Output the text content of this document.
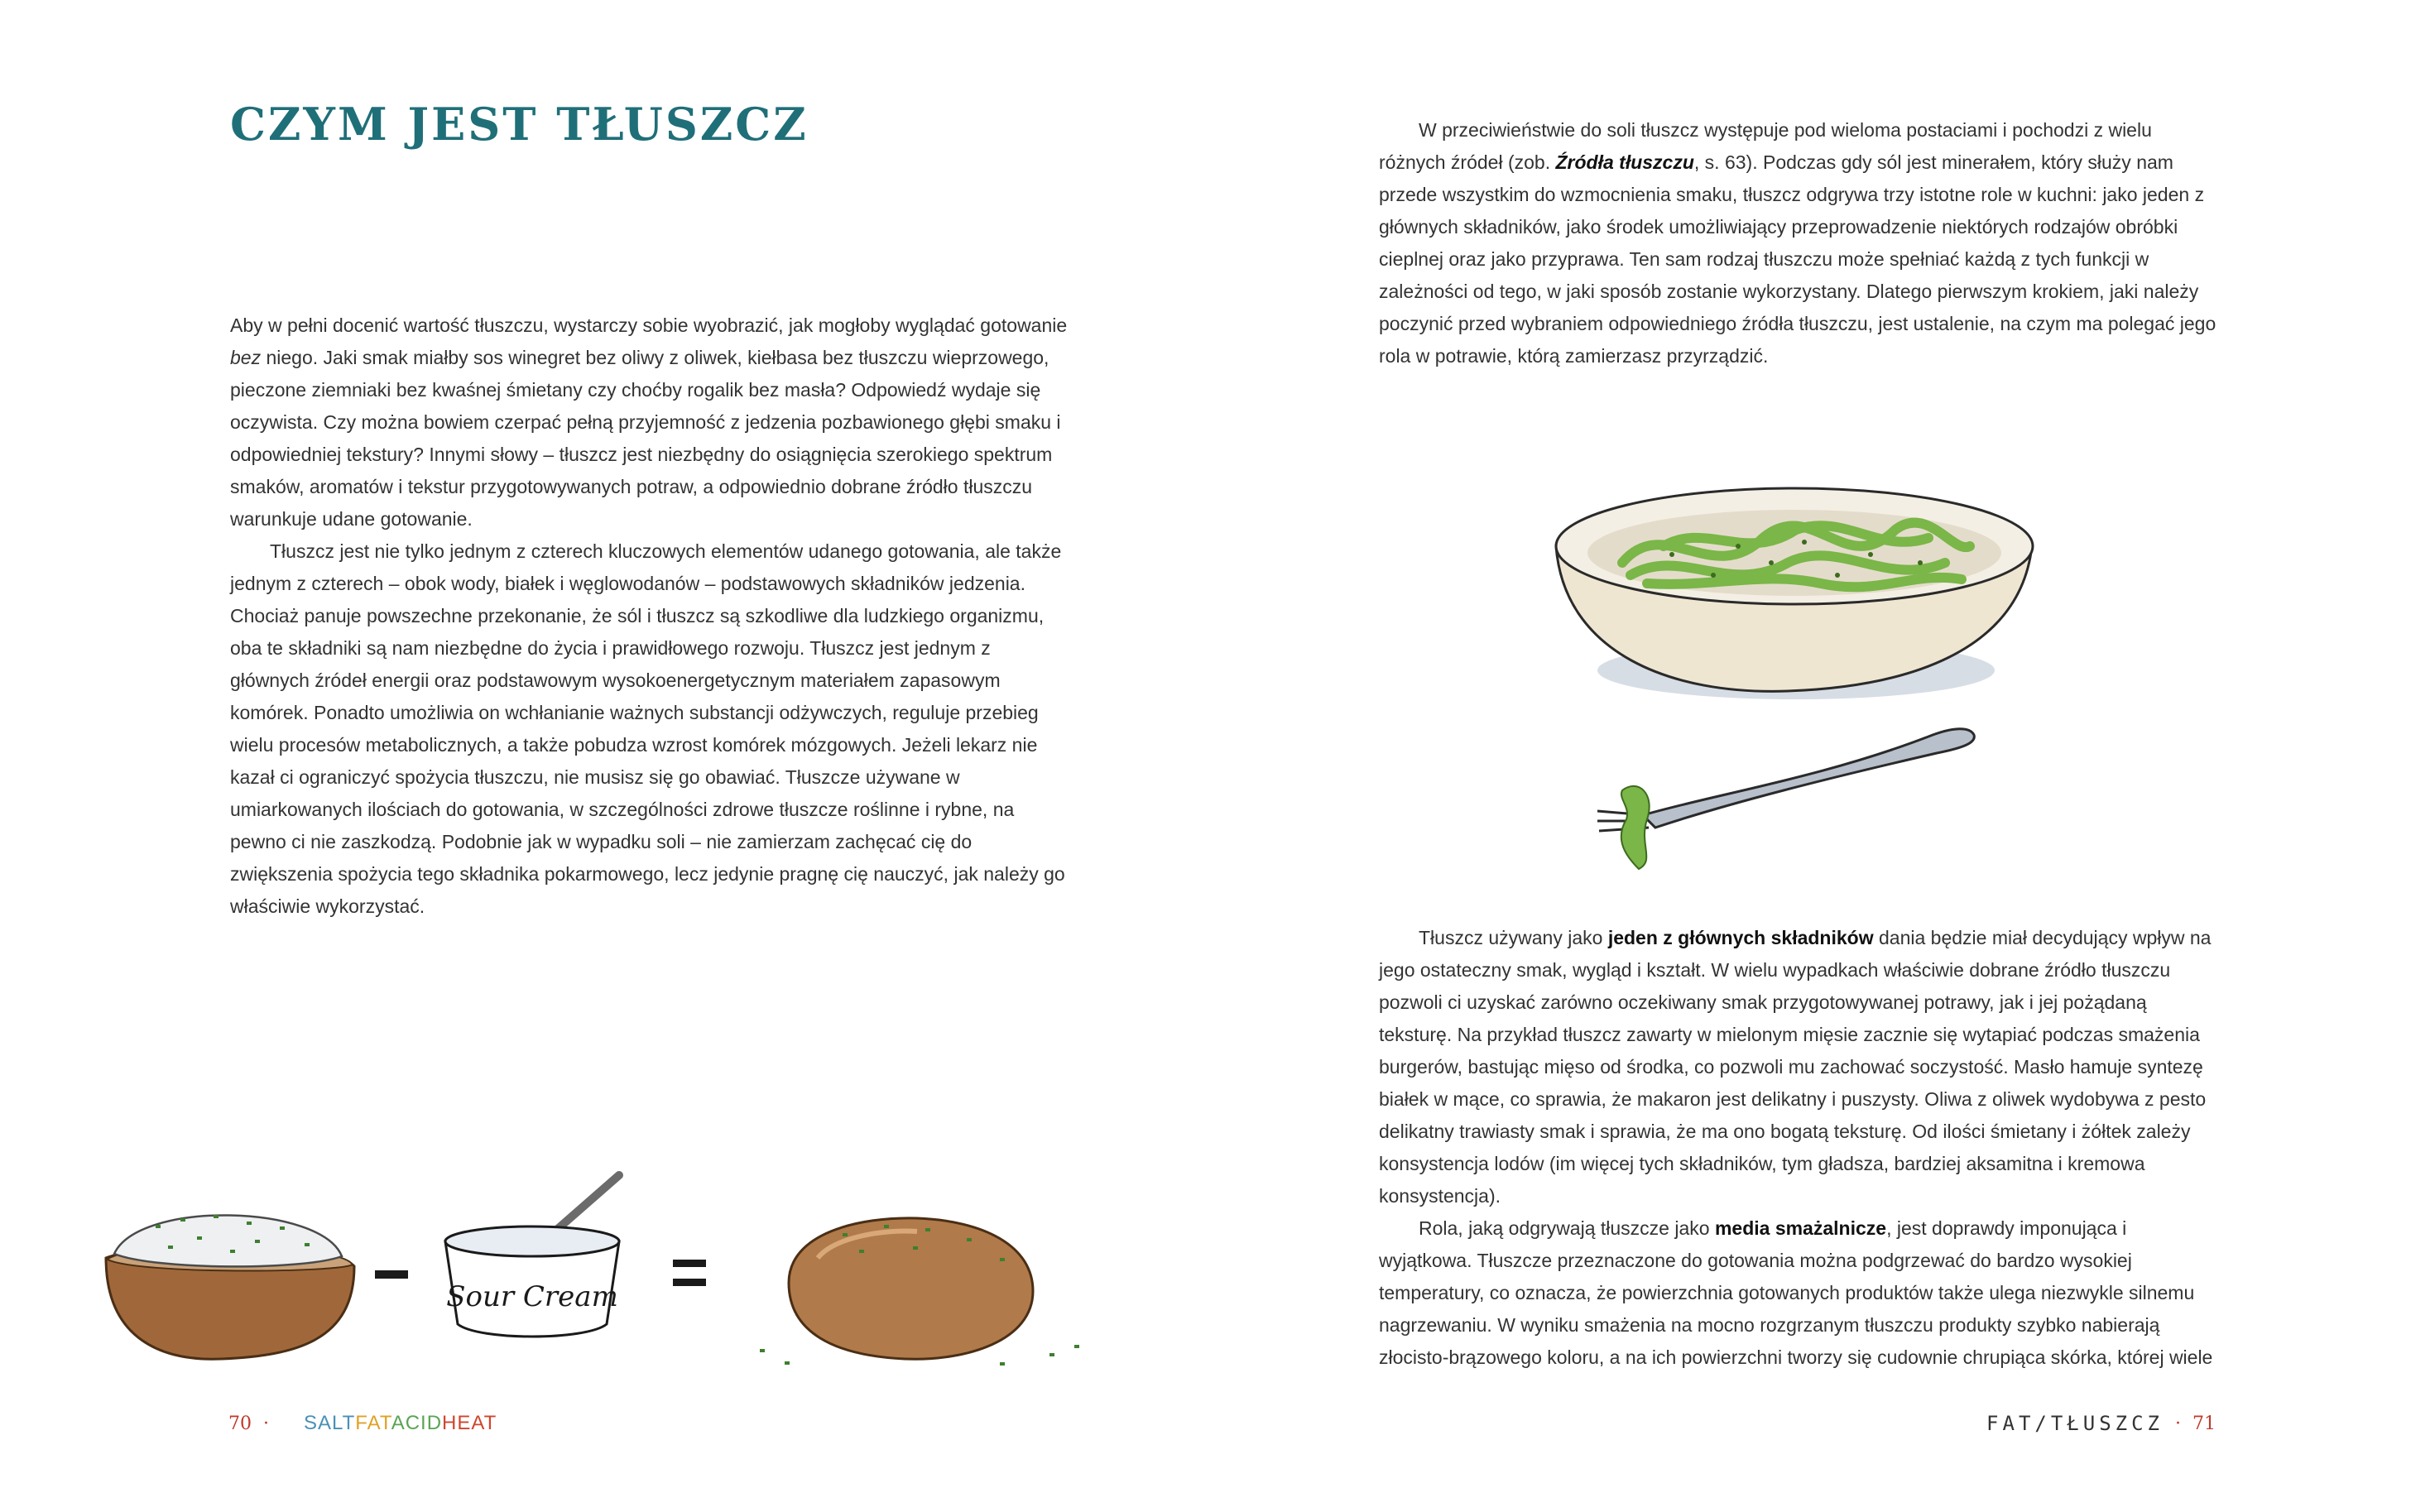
CZYM JEST TŁUSZCZ

Aby w pełni docenić wartość tłuszczu, wystarczy sobie wyobrazić, jak mogłoby wyglądać gotowanie bez niego. Jaki smak miałby sos winegret bez oliwy z oliwek, kiełbasa bez tłuszczu wieprzowego, pieczone ziemniaki bez kwaśnej śmietany czy choćby rogalik bez masła? Odpowiedź wydaje się oczywista. Czy można bowiem czerpać pełną przyjemność z jedzenia pozbawionego głębi smaku i odpowiedniej tekstury? Innymi słowy – tłuszcz jest niezbędny do osiągnięcia szerokiego spektrum smaków, aromatów i tekstur przygotowywanych potraw, a odpowiednio dobrane źródło tłuszczu warunkuje udane gotowanie.

Tłuszcz jest nie tylko jednym z czterech kluczowych elementów udanego gotowania, ale także jednym z czterech – obok wody, białek i węglowodanów – podstawowych składników jedzenia. Chociaż panuje powszechne przekonanie, że sól i tłuszcz są szkodliwe dla ludzkiego organizmu, oba te składniki są nam niezbędne do życia i prawidłowego rozwoju. Tłuszcz jest jednym z głównych źródeł energii oraz podstawowym wysokoenergetycznym materiałem zapasowym komórek. Ponadto umożliwia on wchłanianie ważnych substancji odżywczych, reguluje przebieg wielu procesów metabolicznych, a także pobudza wzrost komórek mózgowych. Jeżeli lekarz nie kazał ci ograniczyć spożycia tłuszczu, nie musisz się go obawiać. Tłuszcze używane w umiarkowanych ilościach do gotowania, w szczególności zdrowe tłuszcze roślinne i rybne, na pewno ci nie zaszkodzą. Podobnie jak w wypadku soli – nie zamierzam zachęcać cię do zwiększenia spożycia tego składnika pokarmowego, lecz jedynie pragnę cię nauczyć, jak należy go właściwie wykorzystać.

Sour Cream
70 · SALTFATACIDHEAT

W przeciwieństwie do soli tłuszcz występuje pod wieloma postaciami i pochodzi z wielu różnych źródeł (zob. Źródła tłuszczu, s. 63). Podczas gdy sól jest minerałem, który służy nam przede wszystkim do wzmocnienia smaku, tłuszcz odgrywa trzy istotne role w kuchni: jako jeden z głównych składników, jako środek umożliwiający przeprowadzenie niektórych rodzajów obróbki cieplnej oraz jako przyprawa. Ten sam rodzaj tłuszczu może spełniać każdą z tych funkcji w zależności od tego, w jaki sposób zostanie wykorzystany. Dlatego pierwszym krokiem, jaki należy poczynić przed wybraniem odpowiedniego źródła tłuszczu, jest ustalenie, na czym ma polegać jego rola w potrawie, którą zamierzasz przyrządzić.

Tłuszcz używany jako jeden z głównych składników dania będzie miał decydujący wpływ na jego ostateczny smak, wygląd i kształt. W wielu wypadkach właściwie dobrane źródło tłuszczu pozwoli ci uzyskać zarówno oczekiwany smak przygotowywanej potrawy, jak i jej pożądaną teksturę. Na przykład tłuszcz zawarty w mielonym mięsie zacznie się wytapiać podczas smażenia burgerów, bastując mięso od środka, co pozwoli mu zachować soczystość. Masło hamuje syntezę białek w mące, co sprawia, że makaron jest delikatny i puszysty. Oliwa z oliwek wydobywa z pesto delikatny trawiasty smak i sprawia, że ma ono bogatą teksturę. Od ilości śmietany i żółtek zależy konsystencja lodów (im więcej tych składników, tym gładsza, bardziej aksamitna i kremowa konsystencja).

Rola, jaką odgrywają tłuszcze jako media smażalnicze, jest doprawdy imponująca i wyjątkowa. Tłuszcze przeznaczone do gotowania można podgrzewać do bardzo wysokiej temperatury, co oznacza, że powierzchnia gotowanych produktów także ulega niezwykle silnemu nagrzewaniu. W wyniku smażenia na mocno rozgrzanym tłuszczu produkty szybko nabierają złocisto-brązowego koloru, a na ich powierzchni tworzy się cudownie chrupiąca skórka, której wiele

FAT/TŁUSZCZ · 71
